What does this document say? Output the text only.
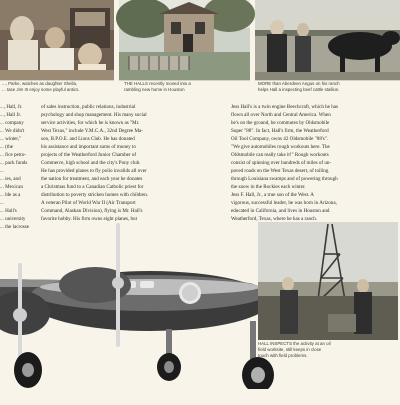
..., Parke, watches as daughter Sheila,
... tase Jim III enjoy some playful antics.
THE HALLS recently moved into a
rambling new home in Houston
MORE than Aberdeen Angus on his ranch
helps Hall a inspecting beef cattle stallion.
..., Hall, Jr.
..., Hall Jr.
... company
... We didn't
... winter,"
... (the
... fice petro-
... pack funds
...
... ies, and
... Mexican
... lde as a
...
... Hall's
... university
... the lacrosse
of sales instruction, public relations, industrial
psychology and shop management. His many social
service activities, for which he is known as "Mr.
West Texas," include Y.M.C.A., 32nd Degree Ma-
son, B.P.O.E. and Lions Club. He has donated
his assistance and important sums of money to
projects of the Weatherford Junior Chamber of
Commerce, high school and the city's Pony club.
He has provided planes to fly polio invalids all over
the nation for treatment, and each year he donates
a Christmas fund to a Canadian Catholic priest for
distribution to poverty stricken homes with children.
A veteran Pilot of World War II (Air Transport
Command, Alaskan Division), flying is Mr. Hall's
favorite hobby. His firm owns eight planes, but
Jess Hall's is a twin engine Beechcraft, which he has
flown all over North and Central America. When
he's on the ground, he commutes by Oldsmobile
Super "88". In fact, Hall's firm, the Weatherford
Oil Tool Company, owns 42 Oldsmobile "88's".
"We give automobiles rough workouts here. The
Oldsmobile can really take it!" Rough workouts
consist of spinning over hundreds of miles of un-
paved roads on the West Texas desert, of toiling
through Louisiana swamps and of powering through
the snow in the Rockies each winter.
Jess F. Hall, Jr., a true son of the West. A
vigorous, successful leader, he was born in Arizona,
educated in California, and lives in Houston and
Weatherford, Texas, where he has a ranch.
HALL INSPECTS the activity at an oil
field worksite, still keeps in close
touch with field problems.
